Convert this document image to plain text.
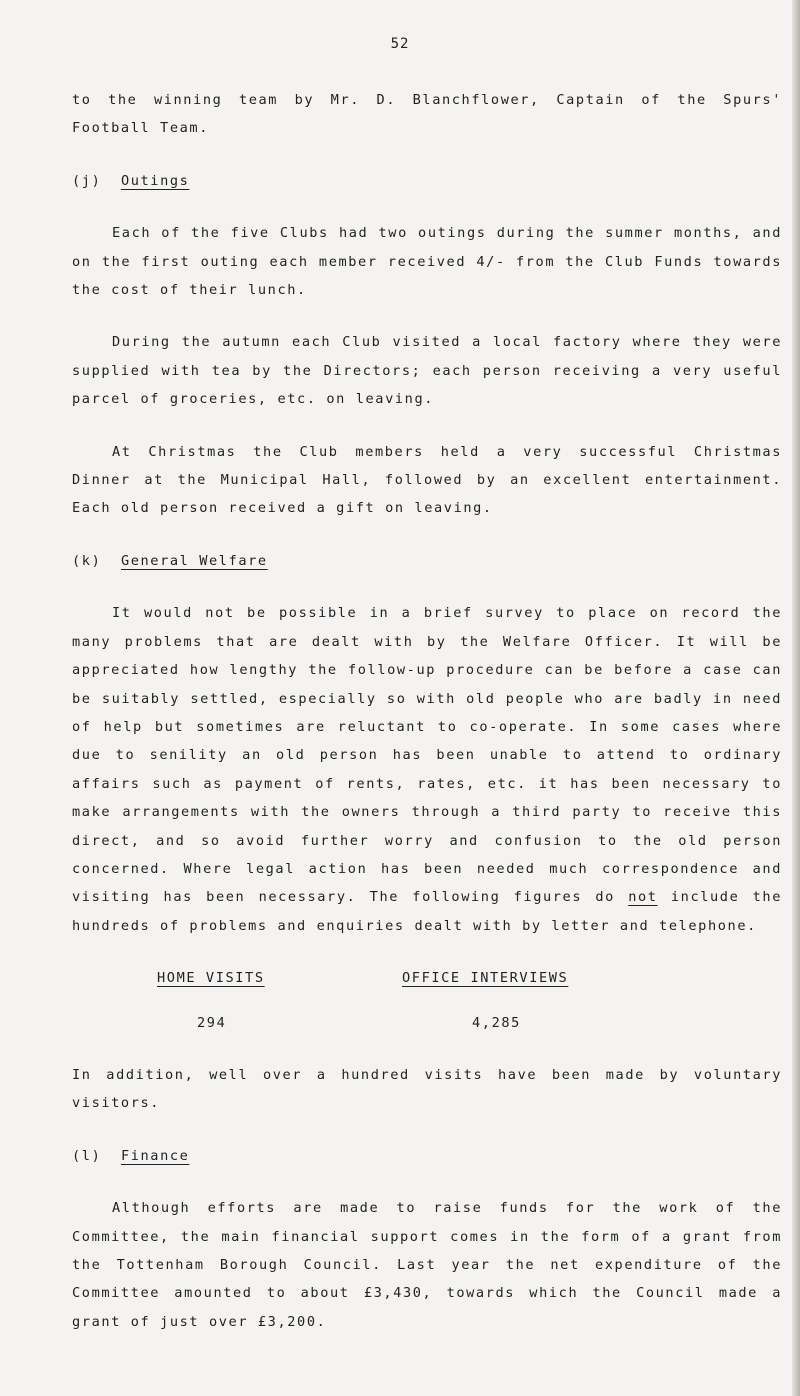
52

to the winning team by Mr. D. Blanchflower, Captain of the Spurs' Football Team.

(j) Outings

Each of the five Clubs had two outings during the summer months, and on the first outing each member received 4/- from the Club Funds towards the cost of their lunch.

During the autumn each Club visited a local factory where they were supplied with tea by the Directors; each person receiving a very useful parcel of groceries, etc. on leaving.

At Christmas the Club members held a very successful Christmas Dinner at the Municipal Hall, followed by an excellent entertainment. Each old person received a gift on leaving.

(k) General Welfare

It would not be possible in a brief survey to place on record the many problems that are dealt with by the Welfare Officer. It will be appreciated how lengthy the follow-up procedure can be before a case can be suitably settled, especially so with old people who are badly in need of help but sometimes are reluctant to co-operate. In some cases where due to senility an old person has been unable to attend to ordinary affairs such as payment of rents, rates, etc. it has been necessary to make arrangements with the owners through a third party to receive this direct, and so avoid further worry and confusion to the old person concerned. Where legal action has been needed much correspondence and visiting has been necessary. The following figures do not include the hundreds of problems and enquiries dealt with by letter and telephone.

HOME VISITS
294
OFFICE INTERVIEWS
4,285

In addition, well over a hundred visits have been made by voluntary visitors.

(l) Finance

Although efforts are made to raise funds for the work of the Committee, the main financial support comes in the form of a grant from the Tottenham Borough Council. Last year the net expenditure of the Committee amounted to about £3,430, towards which the Council made a grant of just over £3,200.
